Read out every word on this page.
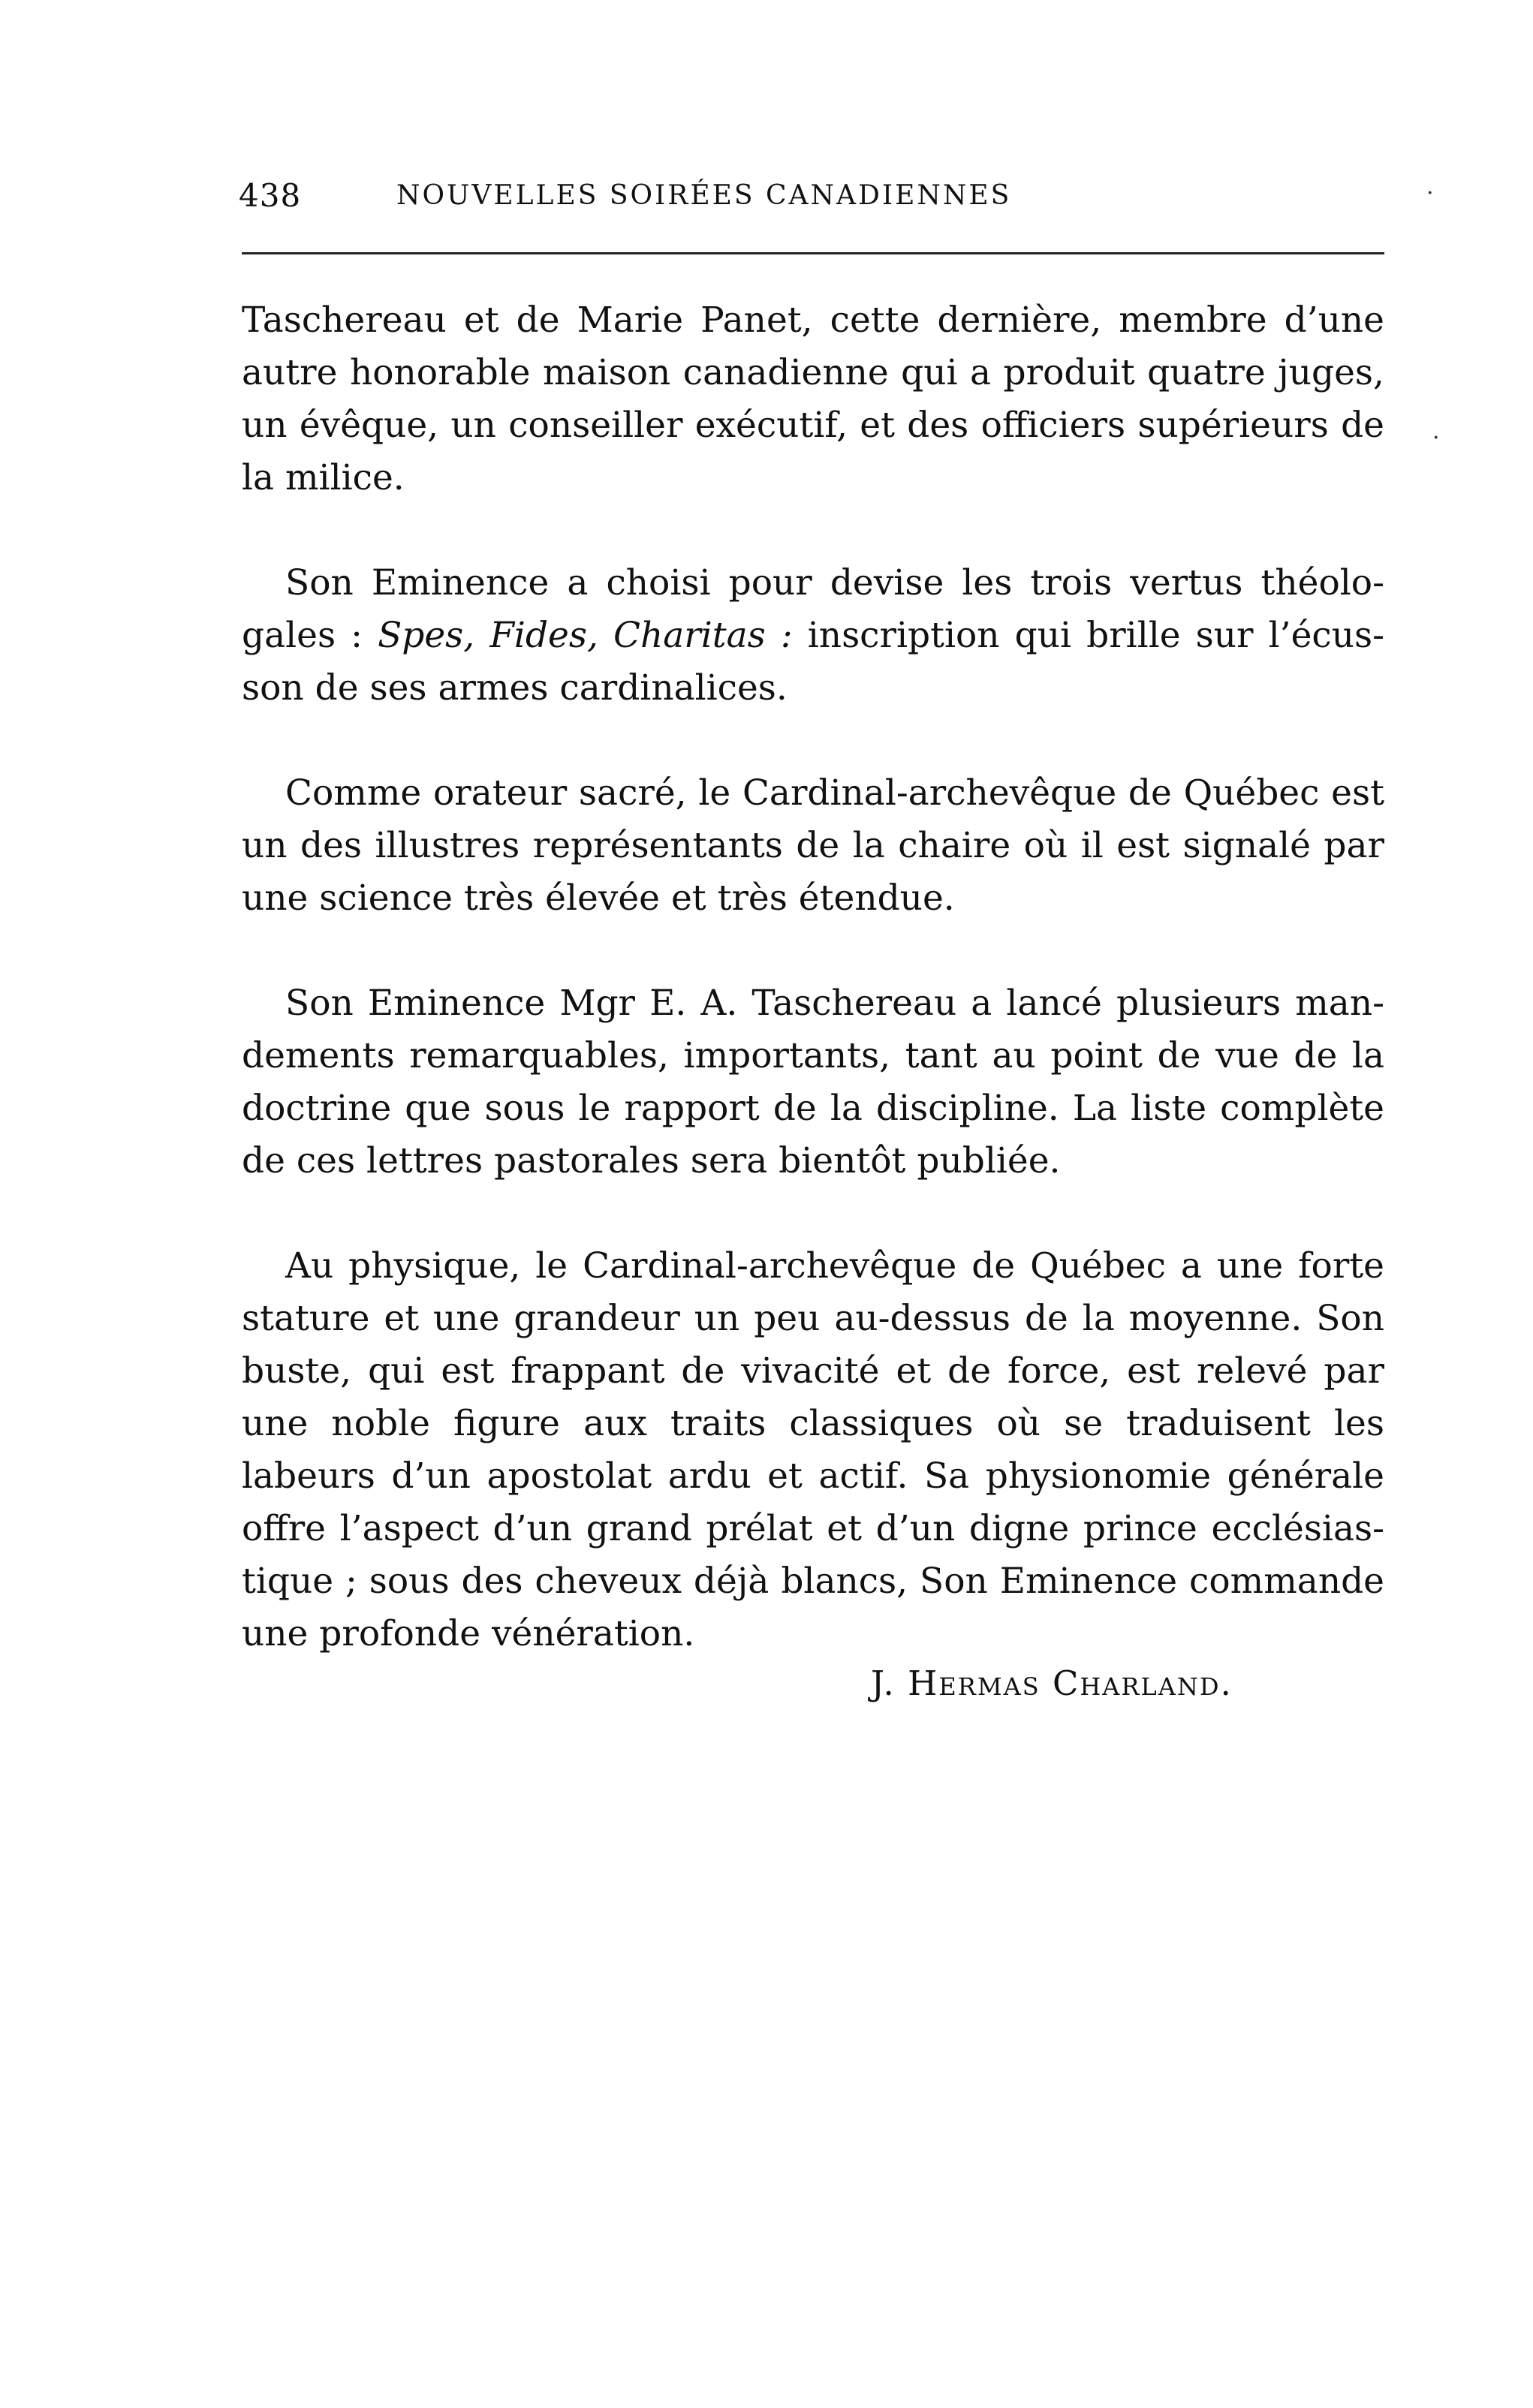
438	NOUVELLES SOIRÉES CANADIENNES	·
·

Taschereau et de Marie Panet, cette dernière, membre d’une autre honorable maison canadienne qui a produit quatre juges, un évêque, un conseiller exécutif, et des officiers supérieurs de la milice.

Son Eminence a choisi pour devise les trois vertus théologales : Spes, Fides, Charitas : inscription qui brille sur l’écusson de ses armes cardinalices.

Comme orateur sacré, le Cardinal-archevêque de Québec est un des illustres représentants de la chaire où il est signalé par une science très élevée et très étendue.

Son Eminence Mgr E. A. Taschereau a lancé plusieurs mandements remarquables, importants, tant au point de vue de la doctrine que sous le rapport de la discipline. La liste complète de ces lettres pastorales sera bientôt publiée.

Au physique, le Cardinal-archevêque de Québec a une forte stature et une grandeur un peu au-dessus de la moyenne. Son buste, qui est frappant de vivacité et de force, est relevé par une noble figure aux traits classiques où se traduisent les labeurs d’un apostolat ardu et actif. Sa physionomie générale offre l’aspect d’un grand prélat et d’un digne prince ecclésiastique ; sous des cheveux déjà blancs, Son Eminence commande une profonde vénération.

J. Hermas Charland.
